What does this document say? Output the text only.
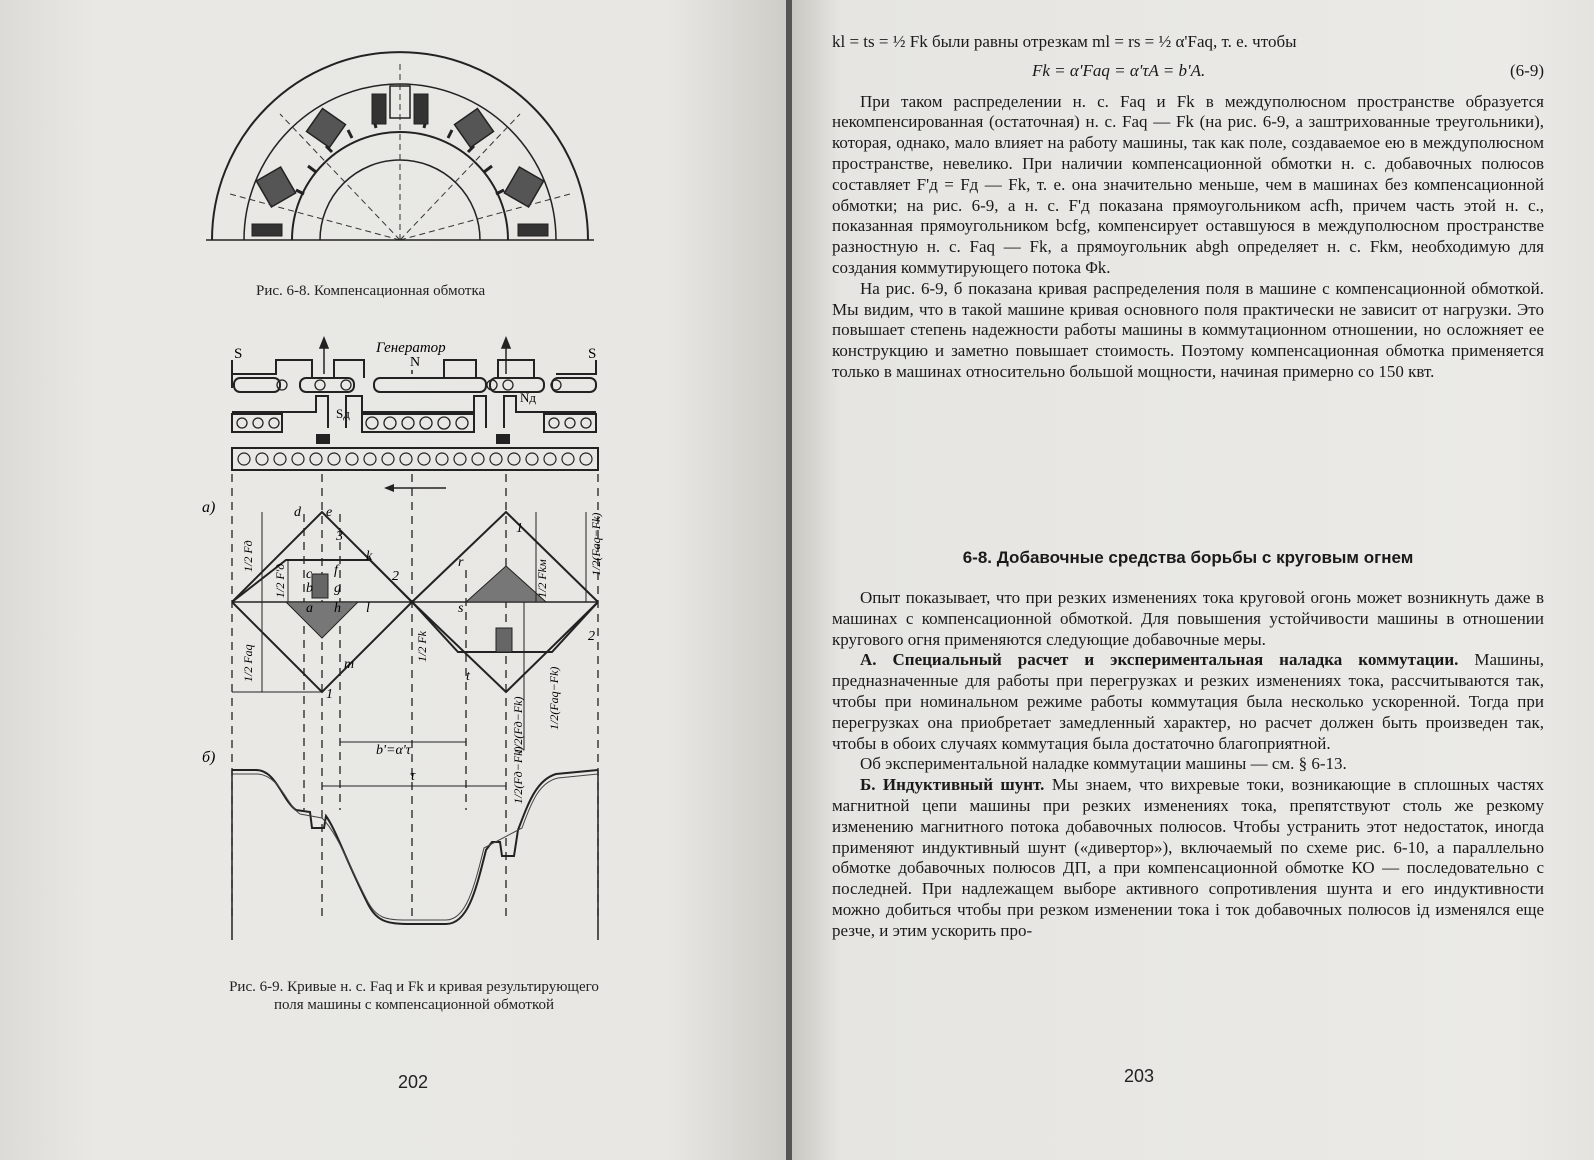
Рис. 6-8. Компенсационная обмотка
Генератор
N
S	S
Sд
Nд
а)
б)
d e
3
k
2
r
1
c f
b g
a h l	s
m
t
1
2
b'=α'τ
τ
1/2 Fд
1/2 F'д
1/2 Faq	1/2 Fk
1/2 Fkм
1/2(Faq−Fk)
1/2(Faq−Fk)
1/2(Fд−Fk)
1/2(Fд−Fk)
Рис. 6-9. Кривые н. с. Faq и Fk и кривая результирующего поля машины с компенсационной обмоткой
202

kl = ts = ½ Fk были равны отрезкам ml = rs = ½ α'Faq, т. е. чтобы

Fk = α'Faq = α'τA = b'A.	(6-9)

При таком распределении н. с. Faq и Fk в междуполюсном пространстве образуется некомпенсированная (остаточная) н. с. Faq — Fk (на рис. 6-9, а заштрихованные треугольники), которая, однако, мало влияет на работу машины, так как поле, создаваемое ею в междуполюсном пространстве, невелико. При наличии компенсационной обмотки н. с. добавочных полюсов составляет F'д = Fд — Fk, т. е. она значительно меньше, чем в машинах без компенсационной обмотки; на рис. 6-9, а н. с. F'д показана прямоугольником acfh, причем часть этой н. с., показанная прямоугольником bcfg, компенсирует оставшуюся в междуполюсном пространстве разностную н. с. Faq — Fk, а прямоугольник abgh определяет н. с. Fkм, необходимую для создания коммутирующего потока Φk.

На рис. 6-9, б показана кривая распределения поля в машине с компенсационной обмоткой. Мы видим, что в такой машине кривая основного поля практически не зависит от нагрузки. Это повышает степень надежности работы машины в коммутационном отношении, но осложняет ее конструкцию и заметно повышает стоимость. Поэтому компенсационная обмотка применяется только в машинах относительно большой мощности, начиная примерно со 150 квт.

6-8. Добавочные средства борьбы с круговым огнем

Опыт показывает, что при резких изменениях тока круговой огонь может возникнуть даже в машинах с компенсационной обмоткой. Для повышения устойчивости машины в отношении кругового огня применяются следующие добавочные меры.

А. Специальный расчет и экспериментальная наладка коммутации. Машины, предназначенные для работы при перегрузках и резких изменениях тока, рассчитываются так, чтобы при номинальном режиме работы коммутация была несколько ускоренной. Тогда при перегрузках она приобретает замедленный характер, но расчет должен быть произведен так, чтобы в обоих случаях коммутация была достаточно благоприятной.

Об экспериментальной наладке коммутации машины — см. § 6-13.

Б. Индуктивный шунт. Мы знаем, что вихревые токи, возникающие в сплошных частях магнитной цепи машины при резких изменениях тока, препятствуют столь же резкому изменению магнитного потока добавочных полюсов. Чтобы устранить этот недостаток, иногда применяют индуктивный шунт («дивертор»), включаемый по схеме рис. 6-10, а параллельно обмотке добавочных полюсов ДП, а при компенсационной обмотке КО — последовательно с последней. При надлежащем выборе активного сопротивления шунта и его индуктивности можно добиться чтобы при резком изменении тока i ток добавочных полюсов iд изменялся еще резче, и этим ускорить про-

203
